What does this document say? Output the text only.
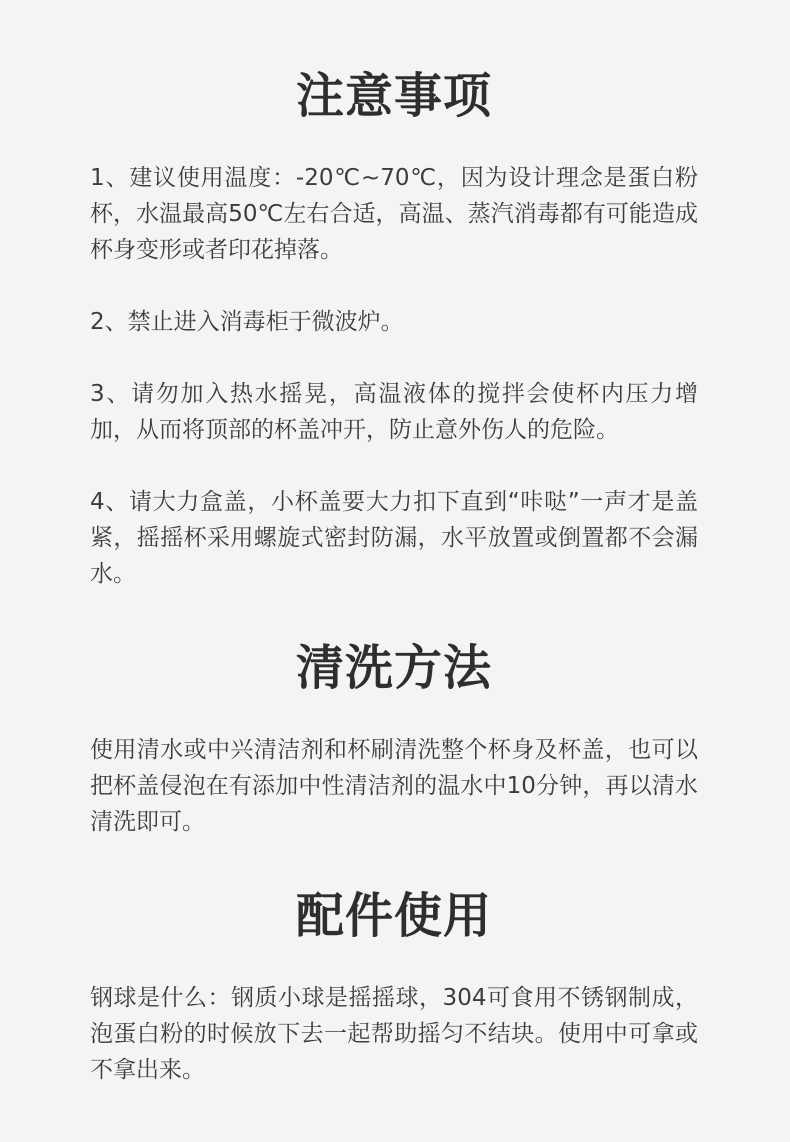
注意事项

1、建议使用温度：-20℃~70℃，因为设计理念是蛋白粉杯，水温最高50℃左右合适，高温、蒸汽消毒都有可能造成杯身变形或者印花掉落。

2、禁止进入消毒柜于微波炉。

3、请勿加入热水摇晃，高温液体的搅拌会使杯内压力增加，从而将顶部的杯盖冲开，防止意外伤人的危险。

4、请大力盒盖，小杯盖要大力扣下直到“咔哒”一声才是盖紧，摇摇杯采用螺旋式密封防漏，水平放置或倒置都不会漏水。

清洗方法

使用清水或中兴清洁剂和杯刷清洗整个杯身及杯盖，也可以把杯盖侵泡在有添加中性清洁剂的温水中10分钟，再以清水清洗即可。

配件使用

钢球是什么：钢质小球是摇摇球，304可食用不锈钢制成，泡蛋白粉的时候放下去一起帮助摇匀不结块。使用中可拿或不拿出来。
